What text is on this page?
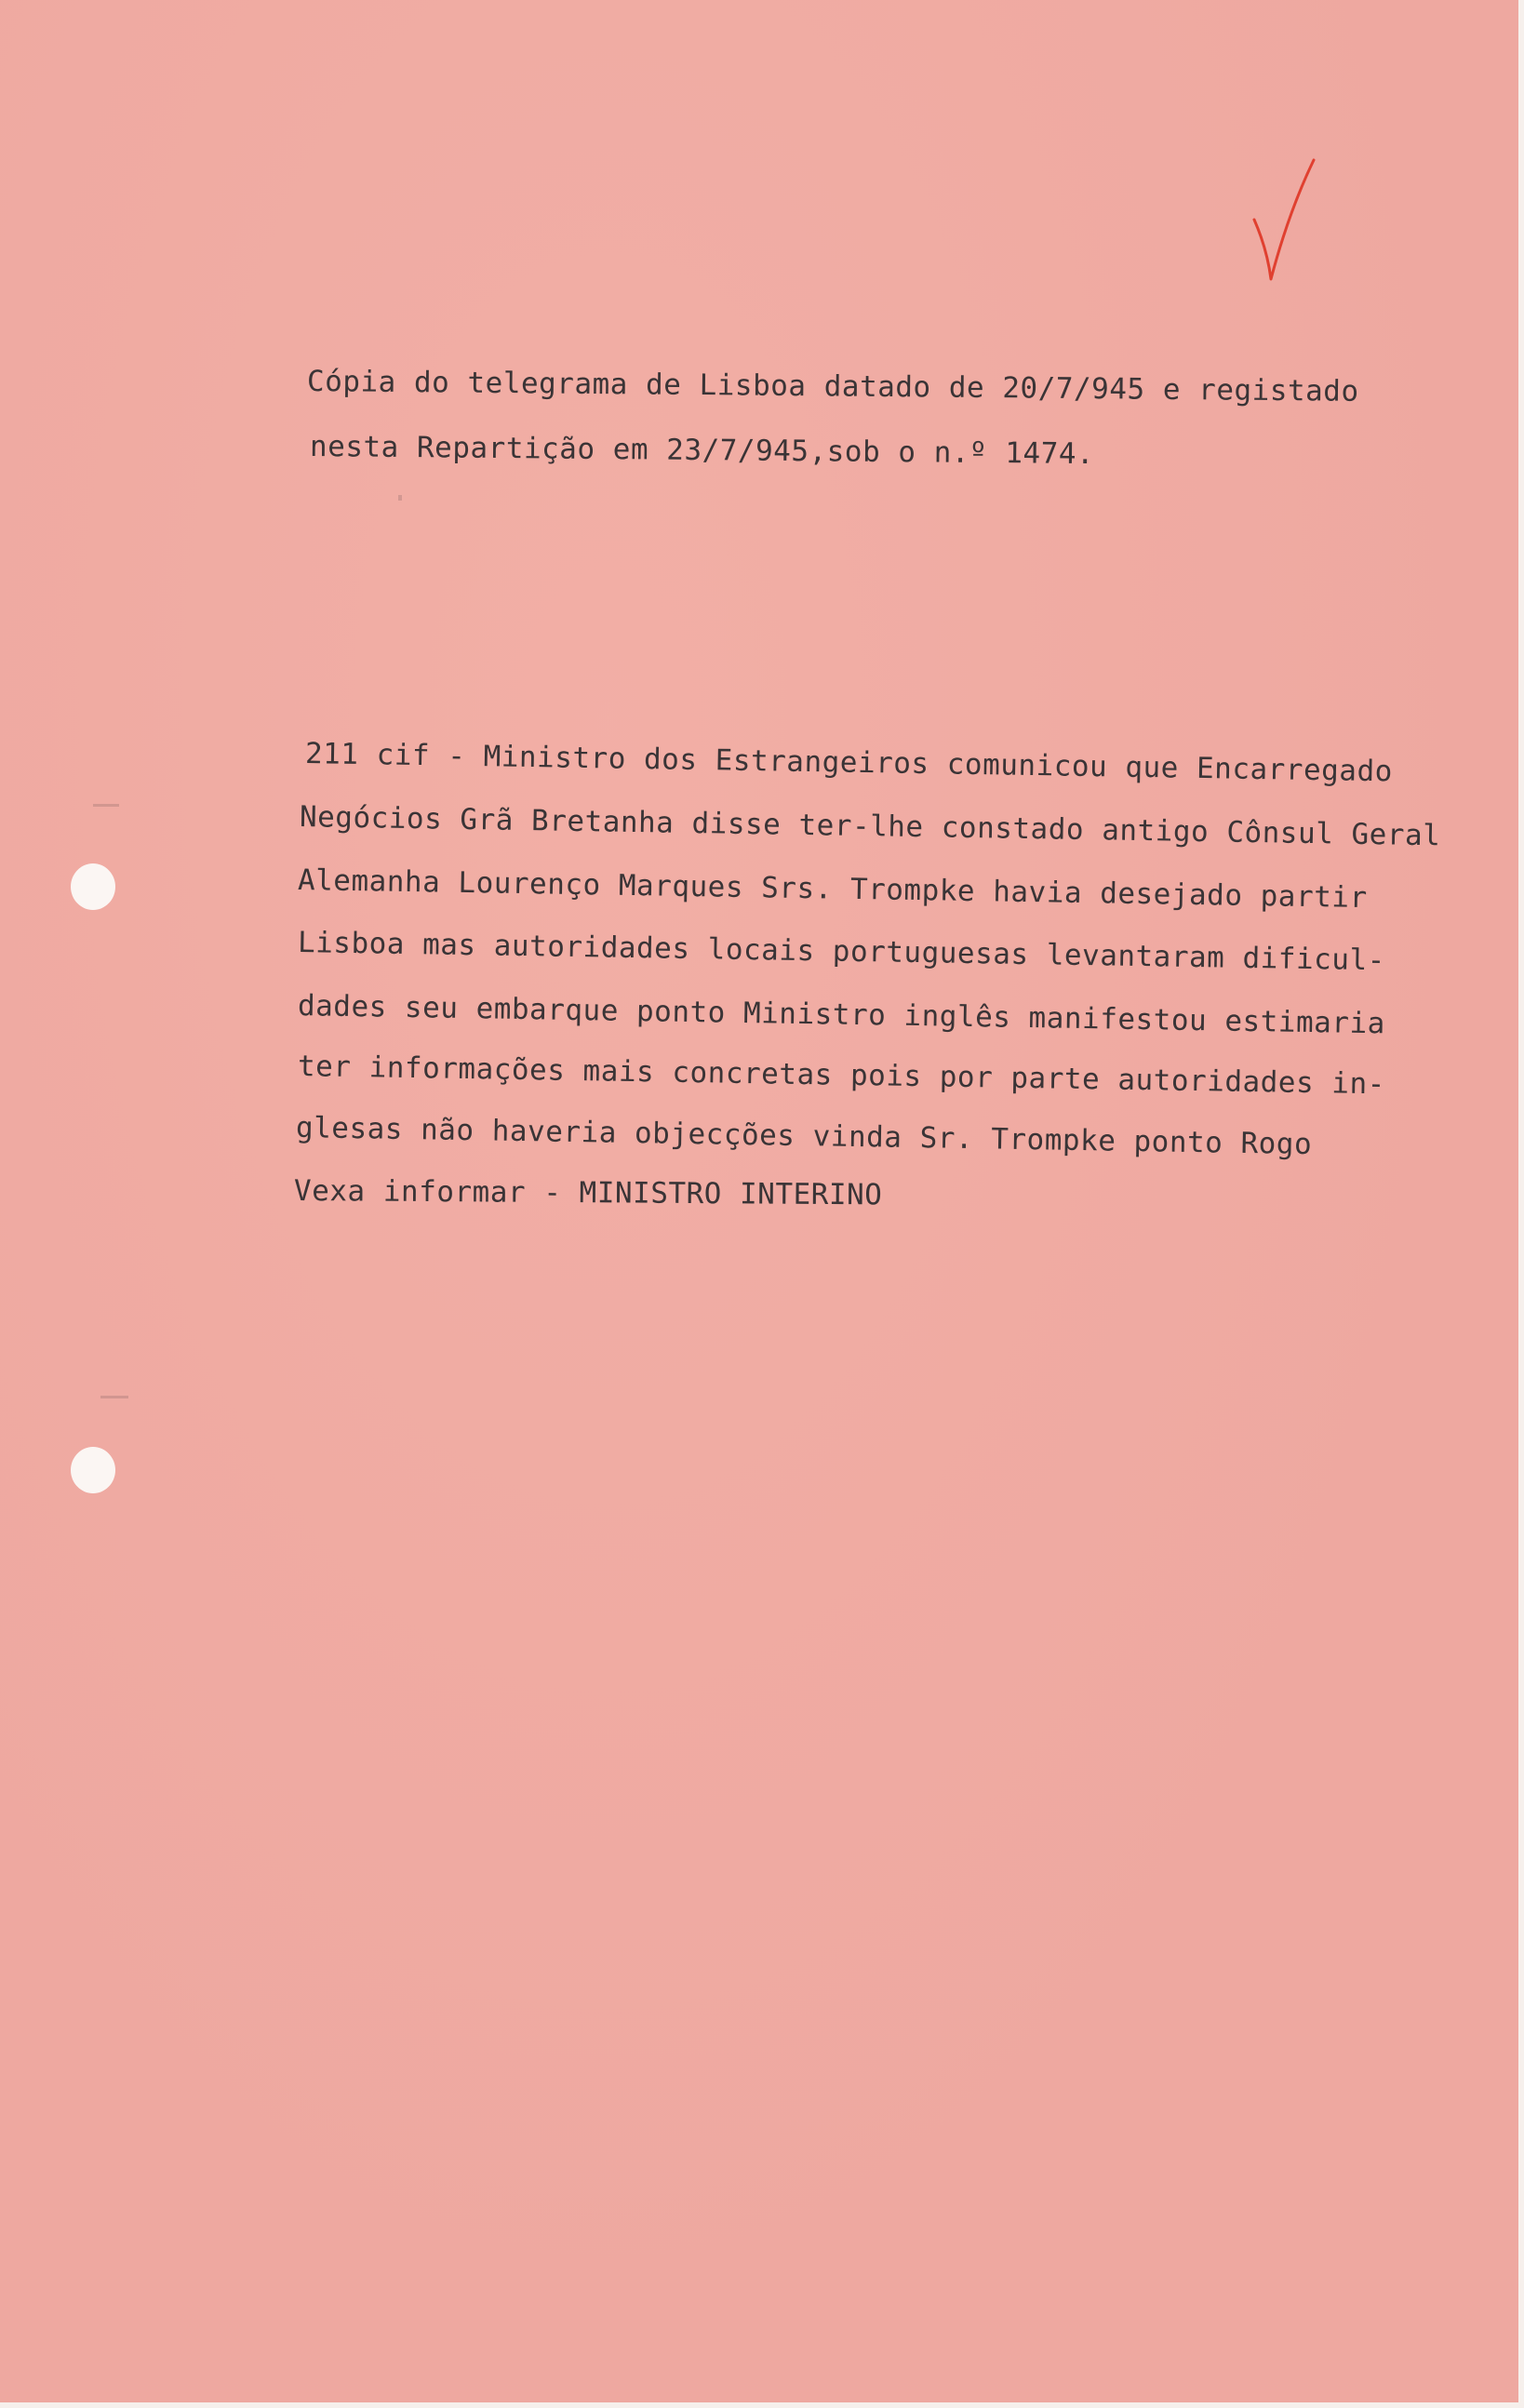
Cópia do telegrama de Lisboa datado de 20/7/945 e registado
nesta Repartição em 23/7/945,sob o n.º 1474.
211 cif - Ministro dos Estrangeiros comunicou que Encarregado
Negócios Grã Bretanha disse ter-lhe constado antigo Cônsul Geral
Alemanha Lourenço Marques Srs. Trompke havia desejado partir
Lisboa mas autoridades locais portuguesas levantaram dificul-
dades seu embarque ponto Ministro inglês manifestou estimaria
ter informações mais concretas pois por parte autoridades in-
glesas não haveria objecções vinda Sr. Trompke ponto Rogo
Vexa informar - MINISTRO INTERINO
